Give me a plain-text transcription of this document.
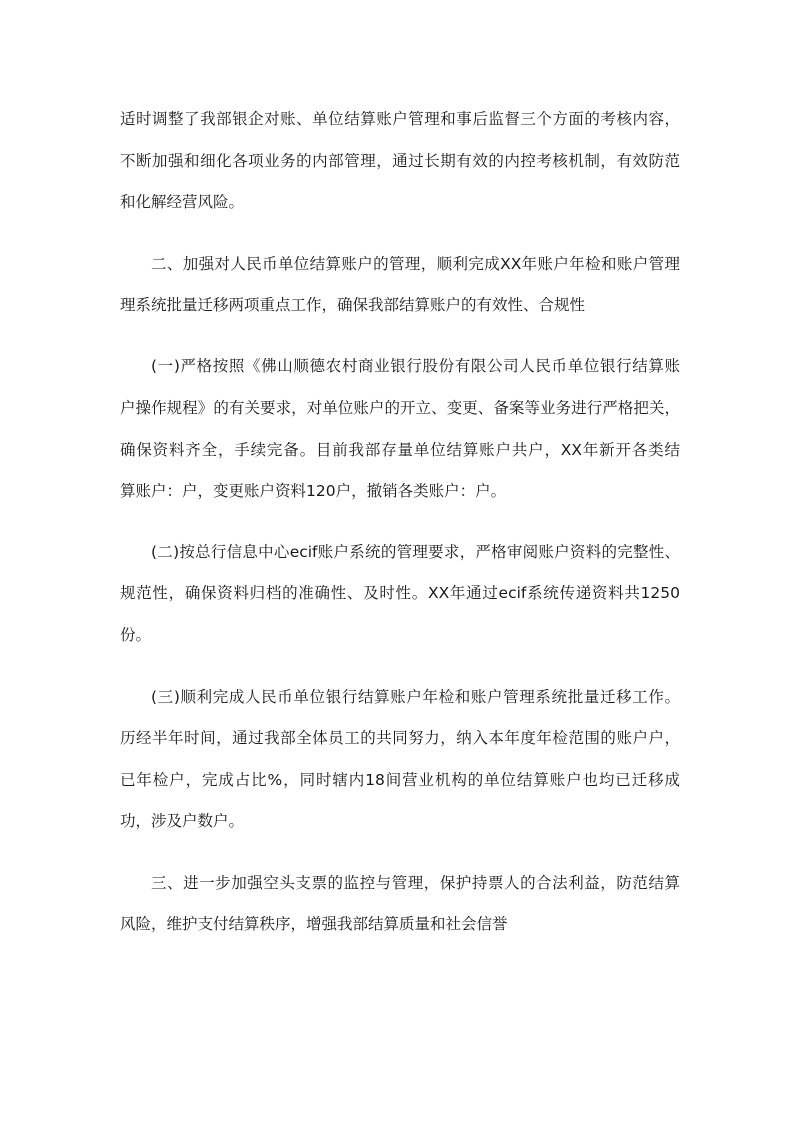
适时调整了我部银企对账、单位结算账户管理和事后监督三个方面的考核内容，
不断加强和细化各项业务的内部管理，通过长期有效的内控考核机制，有效防范
和化解经营风险。
二、加强对人民币单位结算账户的管理，顺利完成XX年账户年检和账户管理
理系统批量迁移两项重点工作，确保我部结算账户的有效性、合规性
(一)严格按照《佛山顺德农村商业银行股份有限公司人民币单位银行结算账
户操作规程》的有关要求，对单位账户的开立、变更、备案等业务进行严格把关，
确保资料齐全，手续完备。目前我部存量单位结算账户共户，XX年新开各类结
算账户：户，变更账户资料120户，撤销各类账户：户。
(二)按总行信息中心ecif账户系统的管理要求，严格审阅账户资料的完整性、
规范性，确保资料归档的准确性、及时性。XX年通过ecif系统传递资料共1250
份。
(三)顺利完成人民币单位银行结算账户年检和账户管理系统批量迁移工作。
历经半年时间，通过我部全体员工的共同努力，纳入本年度年检范围的账户户，
已年检户，完成占比%，同时辖内18间营业机构的单位结算账户也均已迁移成
功，涉及户数户。
三、进一步加强空头支票的监控与管理，保护持票人的合法利益，防范结算
风险，维护支付结算秩序，增强我部结算质量和社会信誉
